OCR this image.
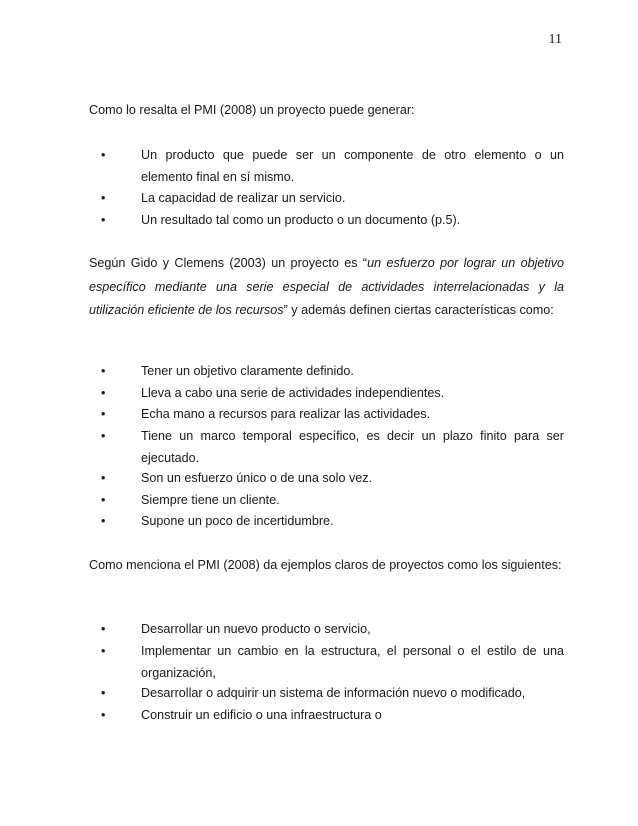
11

Como lo resalta el PMI (2008) un proyecto puede generar:

•	Un producto que puede ser un componente de otro elemento o un elemento final en sí mismo.
•	La capacidad de realizar un servicio.
•	Un resultado tal como un producto o un documento (p.5).

Según Gido y Clemens (2003) un proyecto es “un esfuerzo por lograr un objetivo específico mediante una serie especial de actividades interrelacionadas y la utilización eficiente de los recursos” y además definen ciertas características como:

•	Tener un objetivo claramente definido.
•	Lleva a cabo una serie de actividades independientes.
•	Echa mano a recursos para realizar las actividades.
•	Tiene un marco temporal específico, es decir un plazo finito para ser ejecutado.
•	Son un esfuerzo único o de una solo vez.
•	Siempre tiene un cliente.
•	Supone un poco de incertidumbre.

Como menciona el PMI (2008) da ejemplos claros de proyectos como los siguientes:

•	Desarrollar un nuevo producto o servicio,
•	Implementar un cambio en la estructura, el personal o el estilo de una organización,
•	Desarrollar o adquirir un sistema de información nuevo o modificado,
•	Construir un edificio o una infraestructura o
